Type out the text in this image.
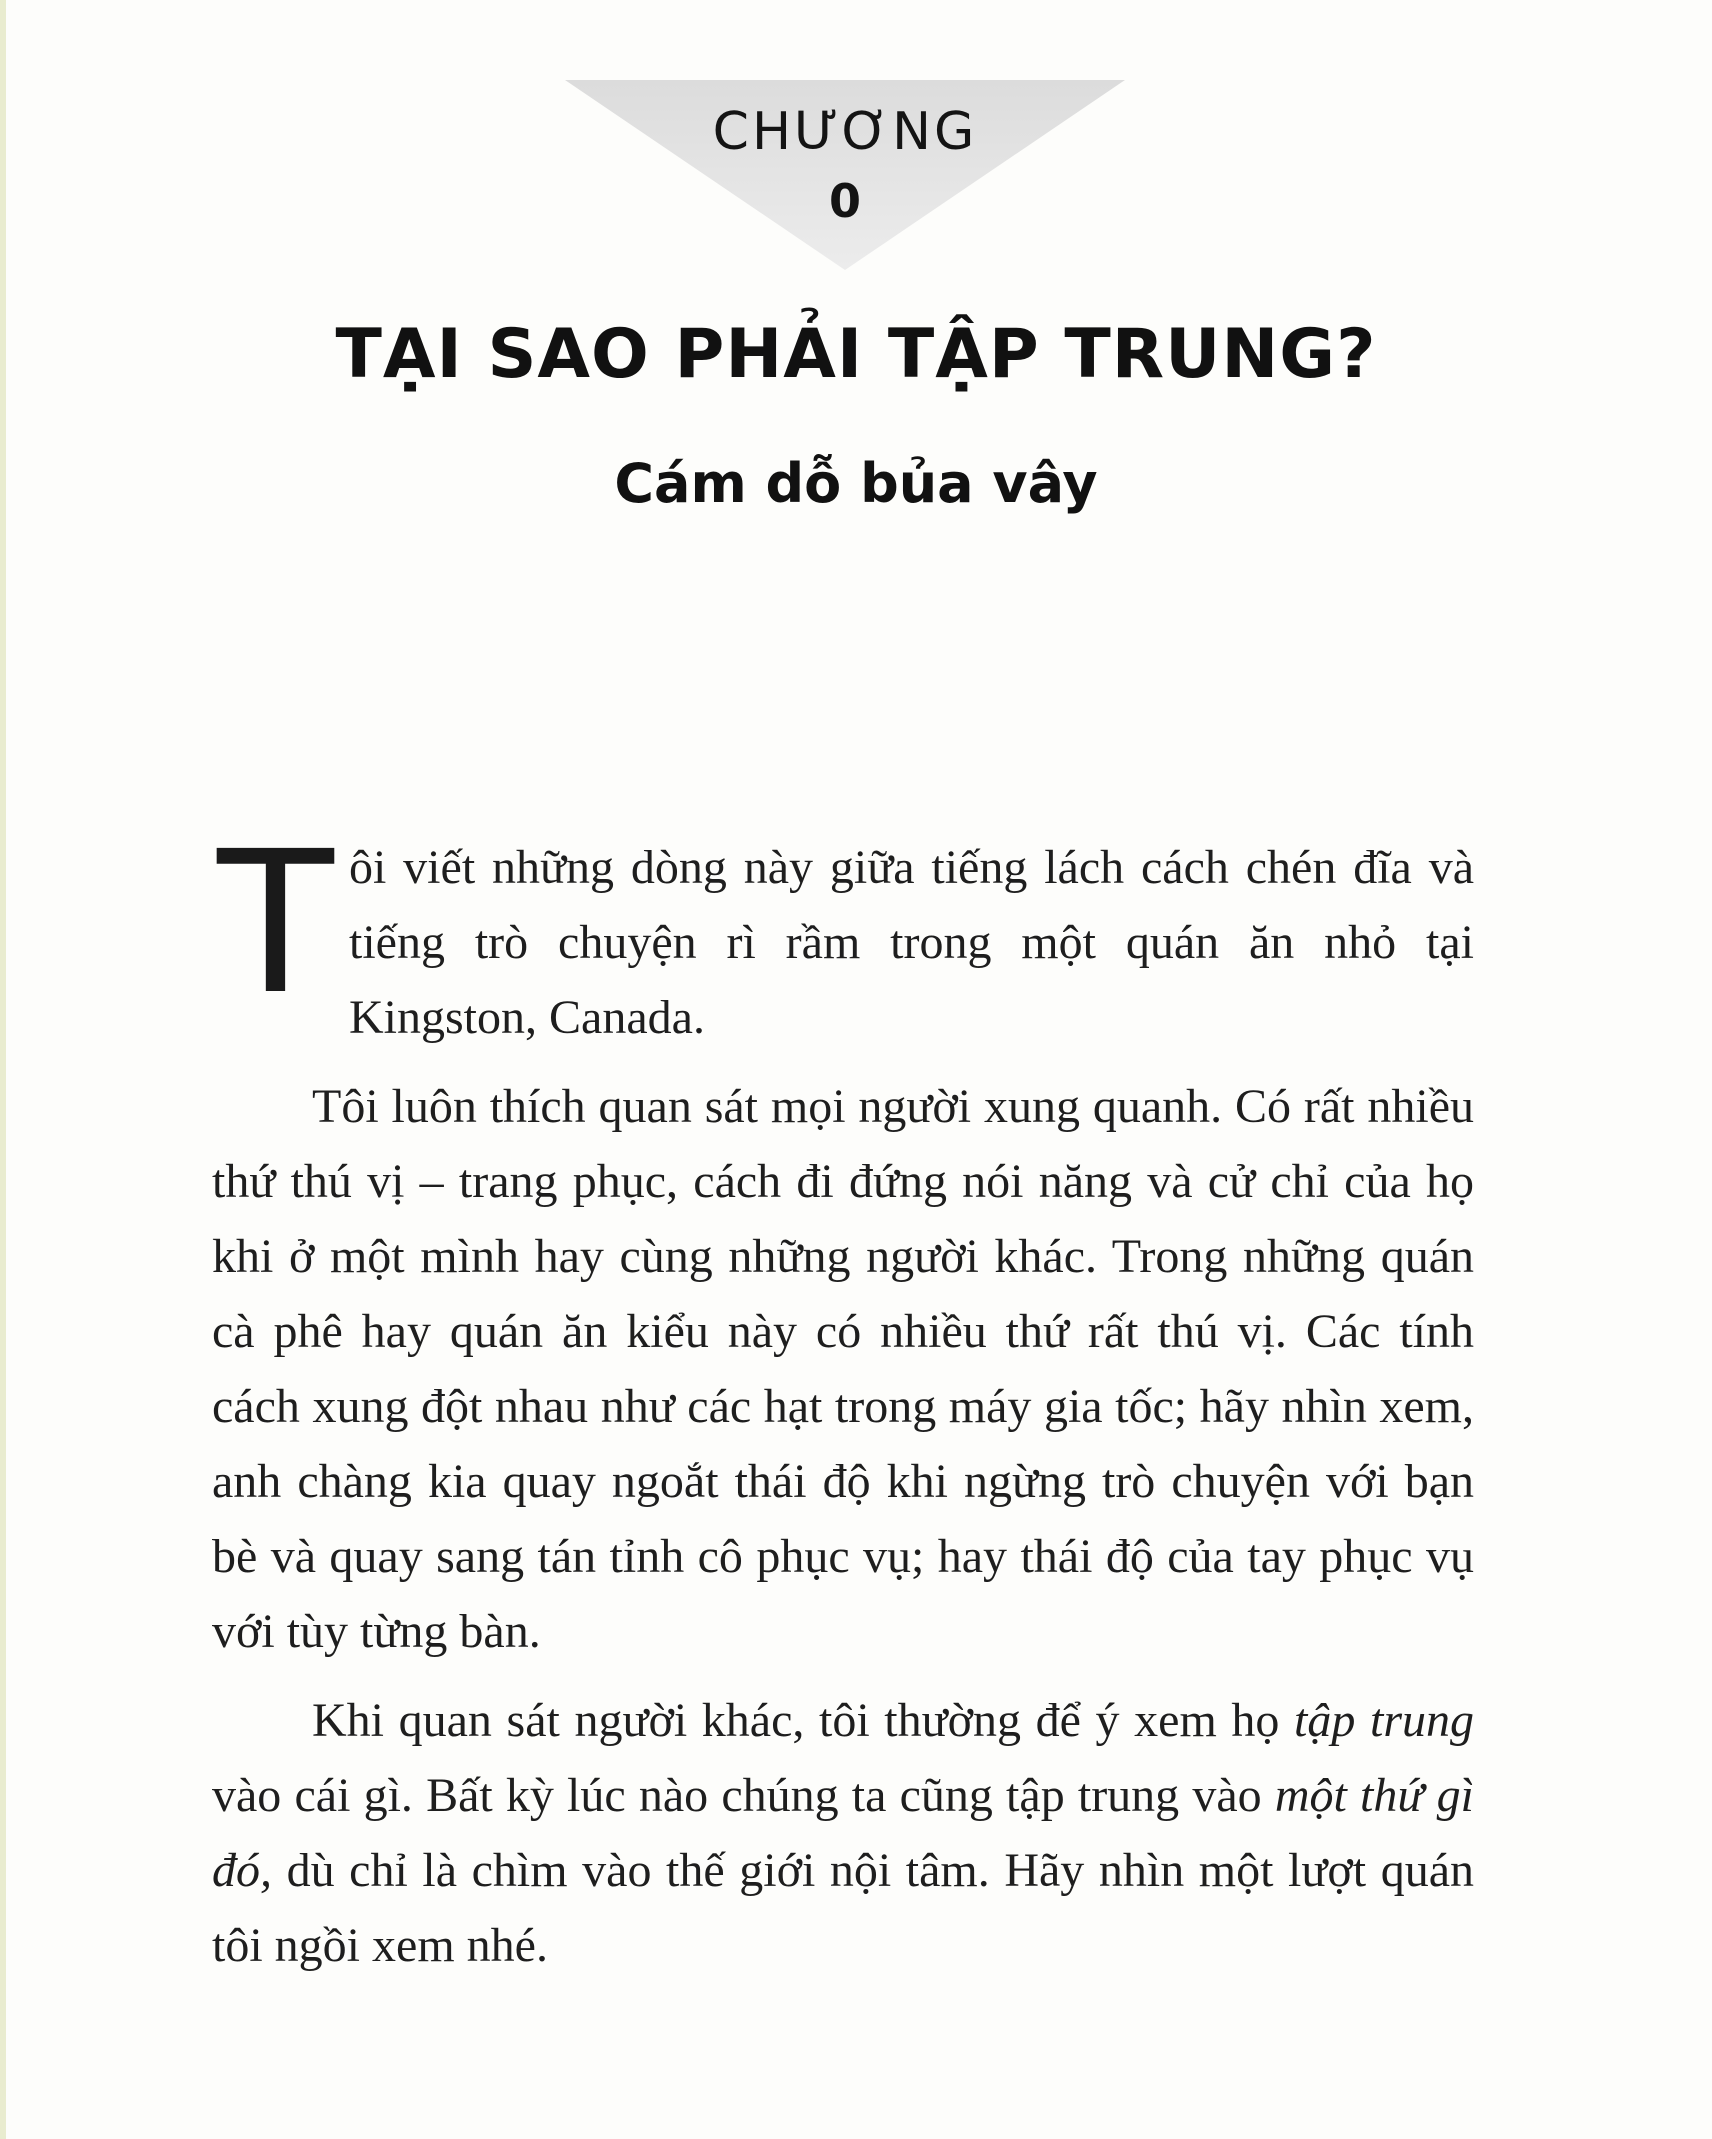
CHƯƠNG
0
TẠI SAO PHẢI TẬP TRUNG?
Cám dỗ bủa vây

T ôi viết những dòng này giữa tiếng lách cách chén đĩa và tiếng trò chuyện rì rầm trong một quán ăn nhỏ tại Kingston, Canada.

Tôi luôn thích quan sát mọi người xung quanh. Có rất nhiều thứ thú vị – trang phục, cách đi đứng nói năng và cử chỉ của họ khi ở một mình hay cùng những người khác. Trong những quán cà phê hay quán ăn kiểu này có nhiều thứ rất thú vị. Các tính cách xung đột nhau như các hạt trong máy gia tốc; hãy nhìn xem, anh chàng kia quay ngoắt thái độ khi ngừng trò chuyện với bạn bè và quay sang tán tỉnh cô phục vụ; hay thái độ của tay phục vụ với tùy từng bàn.

Khi quan sát người khác, tôi thường để ý xem họ tập trung vào cái gì. Bất kỳ lúc nào chúng ta cũng tập trung vào một thứ gì đó, dù chỉ là chìm vào thế giới nội tâm. Hãy nhìn một lượt quán tôi ngồi xem nhé.
